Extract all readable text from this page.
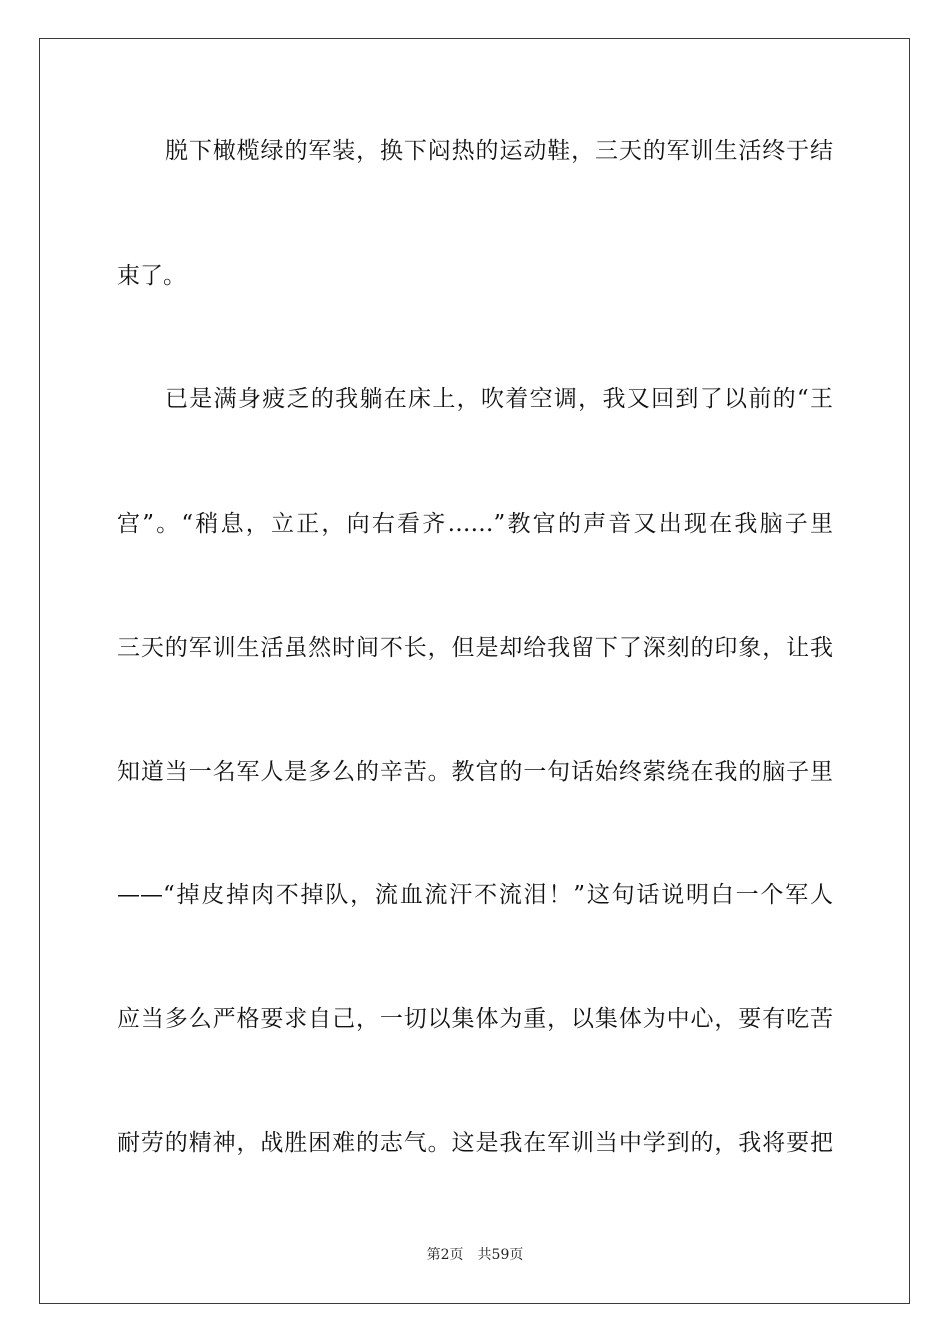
脱下橄榄绿的军装，换下闷热的运动鞋，三天的军训生活终于结
束了。
已是满身疲乏的我躺在床上，吹着空调，我又回到了以前的“王
宫”。“稍息，立正，向右看齐……”教官的声音又出现在我脑子里
三天的军训生活虽然时间不长，但是却给我留下了深刻的印象，让我
知道当一名军人是多么的辛苦。教官的一句话始终萦绕在我的脑子里
——“掉皮掉肉不掉队，流血流汗不流泪！”这句话说明白一个军人
应当多么严格要求自己，一切以集体为重，以集体为中心，要有吃苦
耐劳的精神，战胜困难的志气。这是我在军训当中学到的，我将要把
第2页 共59页
